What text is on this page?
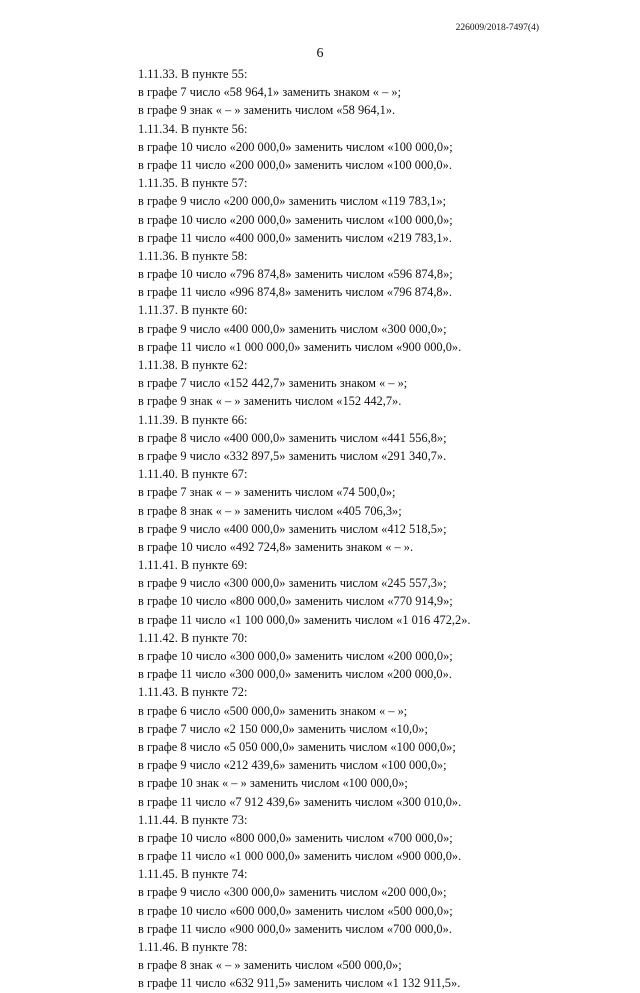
226009/2018-7497(4)
6
1.11.33. В пункте 55:
в графе 7 число «58 964,1» заменить знаком « – »;
в графе 9 знак « – » заменить числом «58 964,1».
1.11.34. В пункте 56:
в графе 10 число «200 000,0» заменить числом «100 000,0»;
в графе 11 число «200 000,0» заменить числом «100 000,0».
1.11.35. В пункте 57:
в графе 9 число «200 000,0» заменить числом «119 783,1»;
в графе 10 число «200 000,0» заменить числом «100 000,0»;
в графе 11 число «400 000,0» заменить числом «219 783,1».
1.11.36. В пункте 58:
в графе 10 число «796 874,8» заменить числом «596 874,8»;
в графе 11 число «996 874,8» заменить числом «796 874,8».
1.11.37. В пункте 60:
в графе 9 число «400 000,0» заменить числом «300 000,0»;
в графе 11 число «1 000 000,0» заменить числом «900 000,0».
1.11.38. В пункте 62:
в графе 7 число «152 442,7» заменить знаком « – »;
в графе 9 знак « – » заменить числом «152 442,7».
1.11.39. В пункте 66:
в графе 8 число «400 000,0» заменить числом «441 556,8»;
в графе 9 число «332 897,5» заменить числом «291 340,7».
1.11.40. В пункте 67:
в графе 7 знак « – » заменить числом «74 500,0»;
в графе 8 знак « – » заменить числом «405 706,3»;
в графе 9 число «400 000,0» заменить числом «412 518,5»;
в графе 10 число «492 724,8» заменить знаком « – ».
1.11.41. В пункте 69:
в графе 9 число «300 000,0» заменить числом «245 557,3»;
в графе 10 число «800 000,0» заменить числом «770 914,9»;
в графе 11 число «1 100 000,0» заменить числом «1 016 472,2».
1.11.42. В пункте 70:
в графе 10 число «300 000,0» заменить числом «200 000,0»;
в графе 11 число «300 000,0» заменить числом «200 000,0».
1.11.43. В пункте 72:
в графе 6 число «500 000,0» заменить знаком « – »;
в графе 7 число «2 150 000,0» заменить числом «10,0»;
в графе 8 число «5 050 000,0» заменить числом «100 000,0»;
в графе 9 число «212 439,6» заменить числом «100 000,0»;
в графе 10 знак « – » заменить числом «100 000,0»;
в графе 11 число «7 912 439,6» заменить числом «300 010,0».
1.11.44. В пункте 73:
в графе 10 число «800 000,0» заменить числом «700 000,0»;
в графе 11 число «1 000 000,0» заменить числом «900 000,0».
1.11.45. В пункте 74:
в графе 9 число «300 000,0» заменить числом «200 000,0»;
в графе 10 число «600 000,0» заменить числом «500 000,0»;
в графе 11 число «900 000,0» заменить числом «700 000,0».
1.11.46. В пункте 78:
в графе 8 знак « – » заменить числом «500 000,0»;
в графе 11 число «632 911,5» заменить числом «1 132 911,5».
